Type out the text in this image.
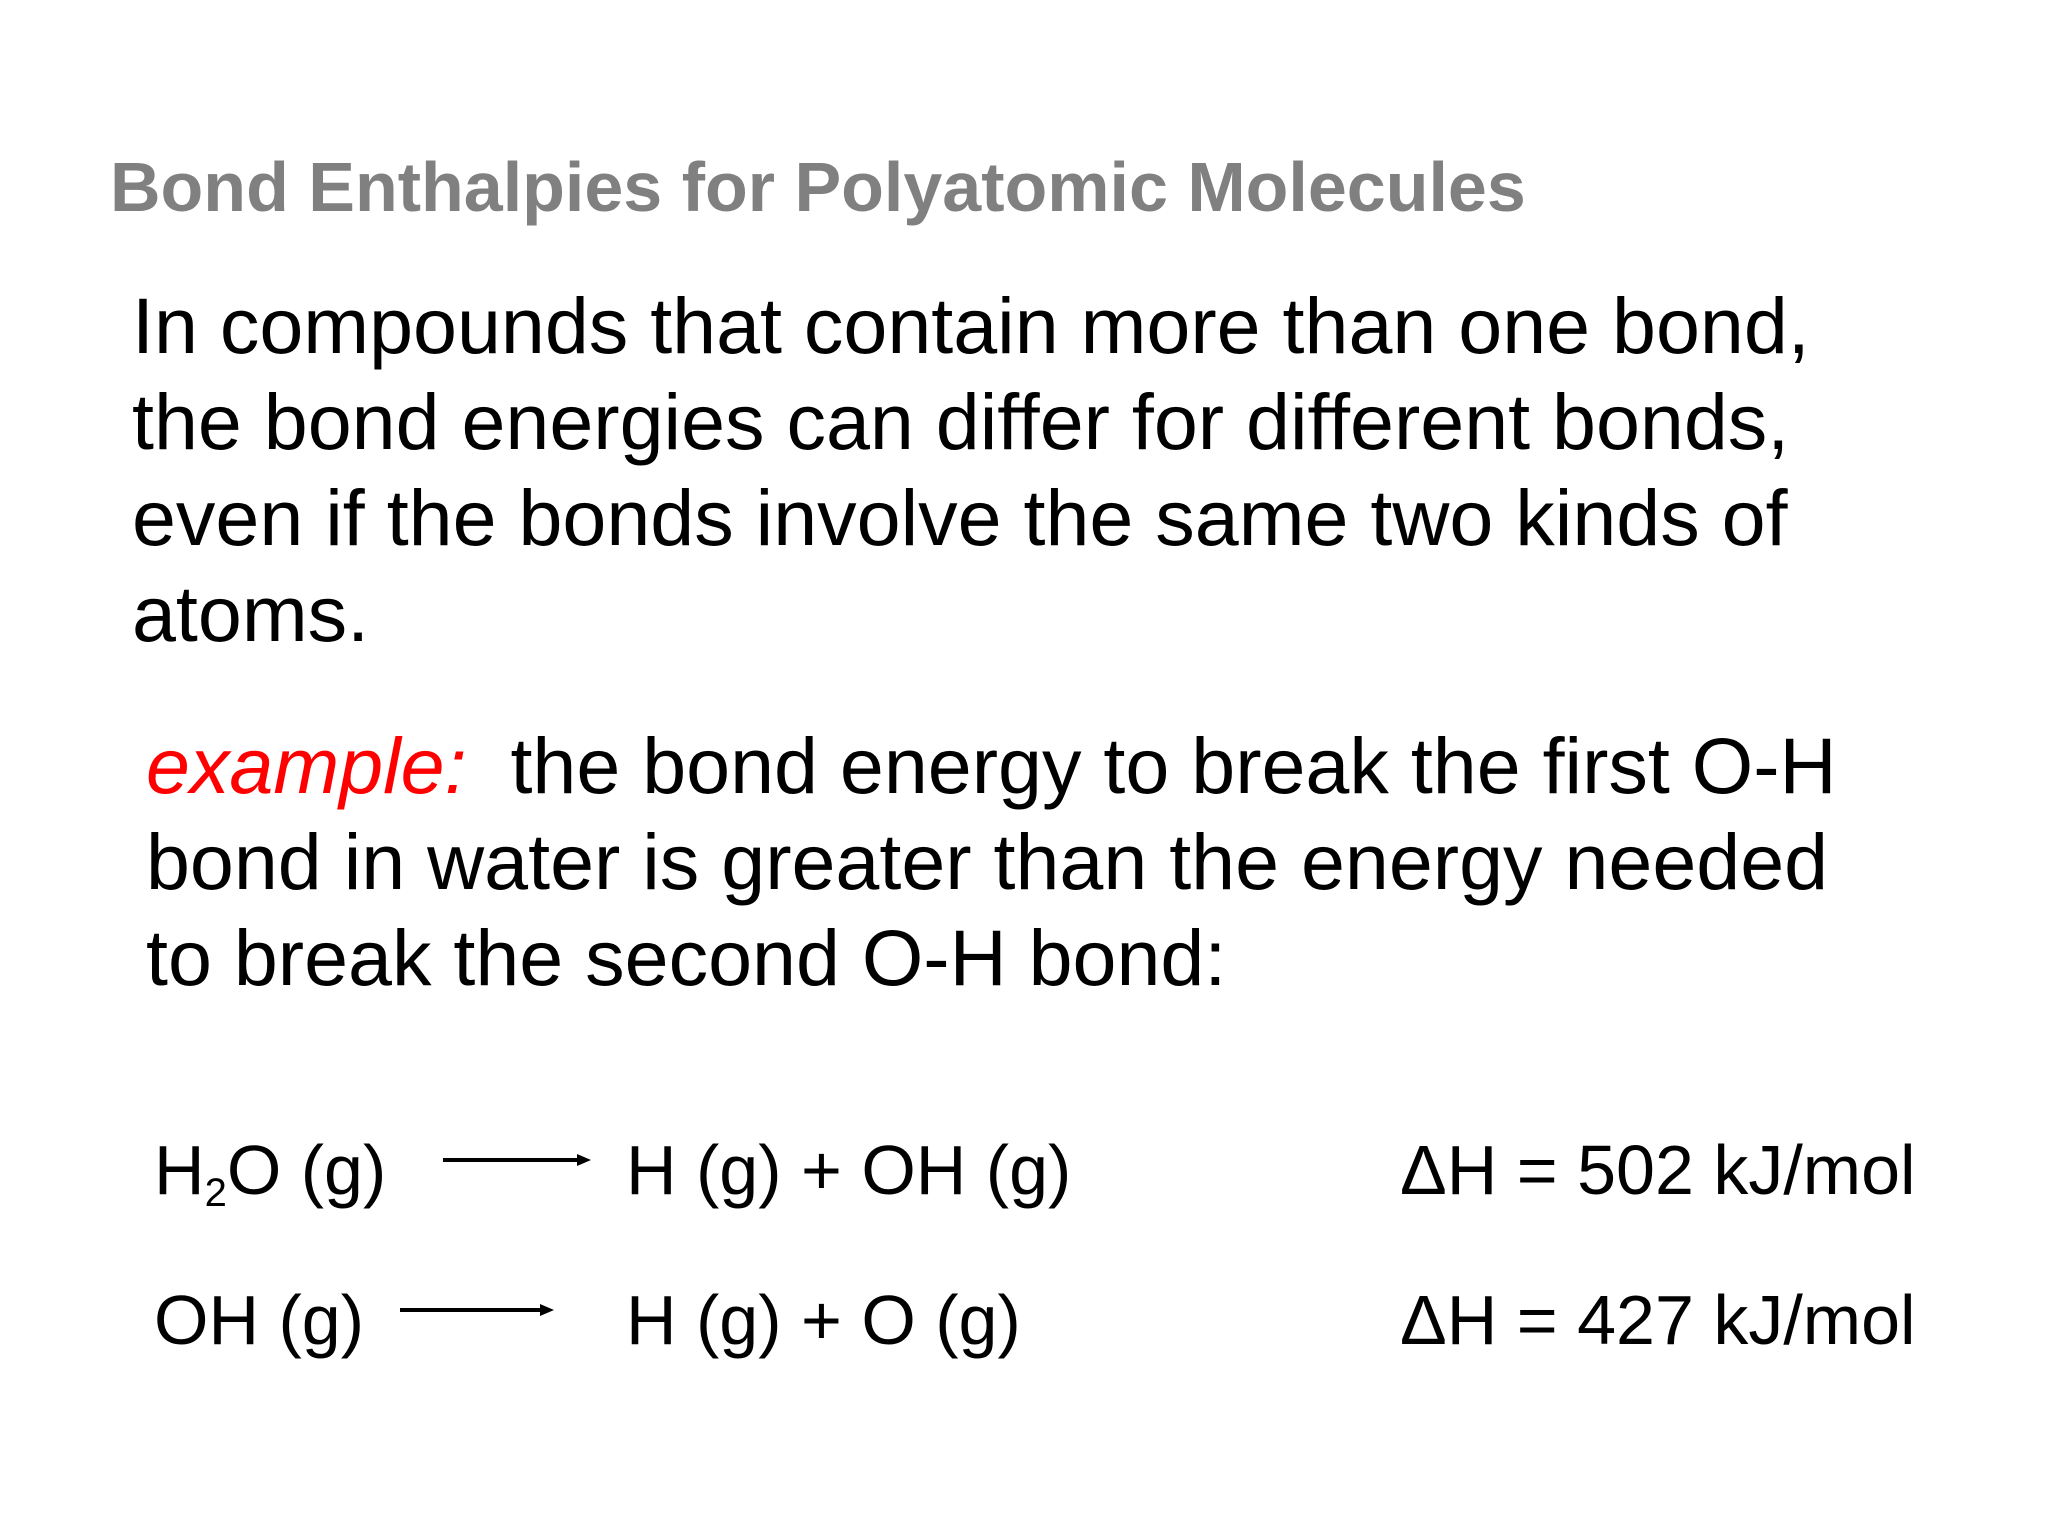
Bond Enthalpies for Polyatomic Molecules
In compounds that contain more than one bond,
the bond energies can differ for different bonds,
even if the bonds involve the same two kinds of
atoms.
example:  the bond energy to break the first O-H
bond in water is greater than the energy needed
to break the second O-H bond:
$H_2O$ (g)	H (g) + OH (g)	ΔH = 502 kJ/mol
OH (g)	H (g) + O (g)	ΔH = 427 kJ/mol
